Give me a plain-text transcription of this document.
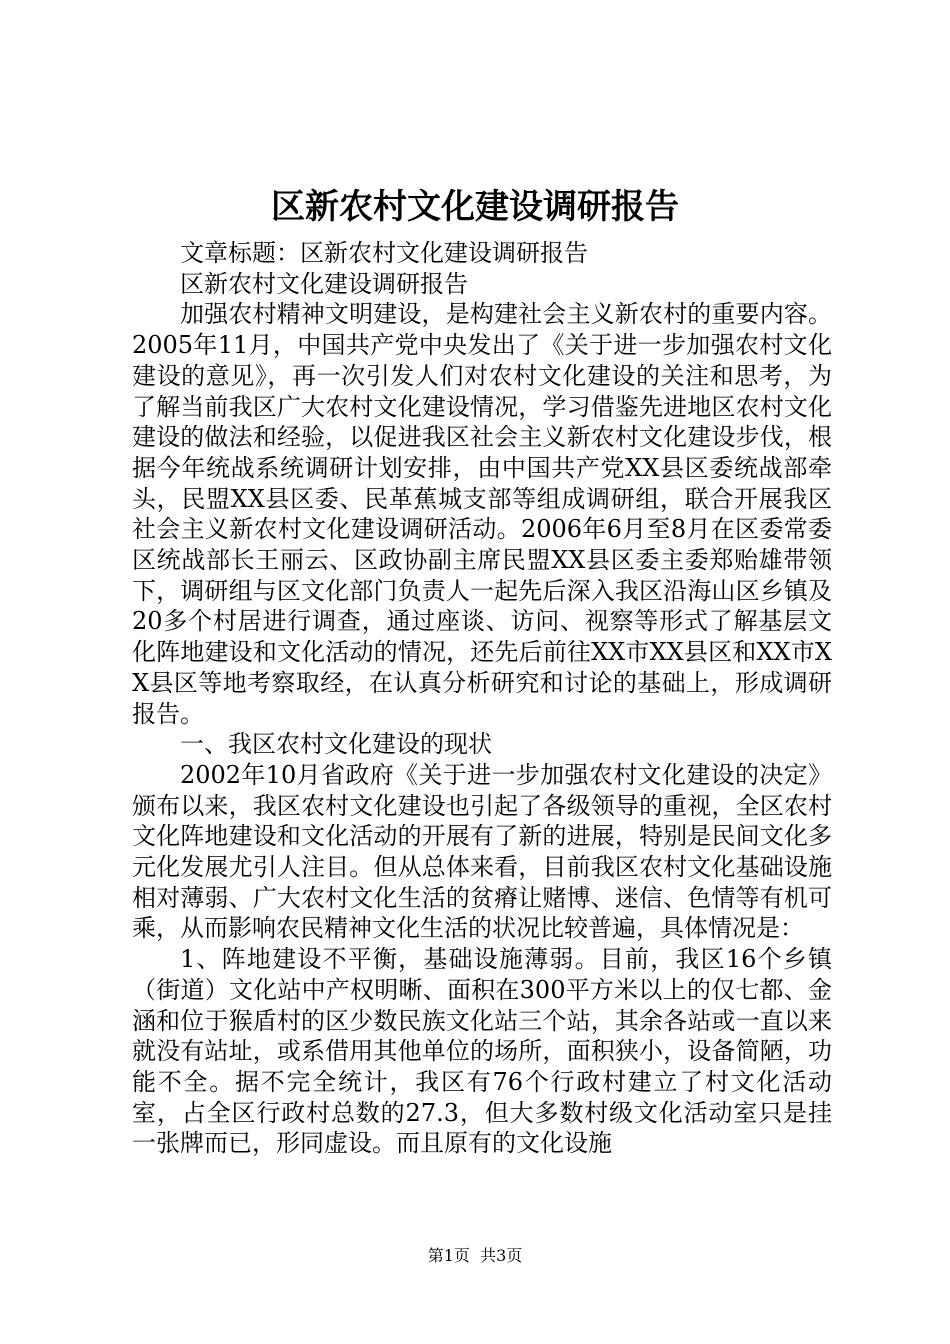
区新农村文化建设调研报告

文章标题：区新农村文化建设调研报告

区新农村文化建设调研报告

加强农村精神文明建设，是构建社会主义新农村的重要内容。2005年11月，中国共产党中央发出了《关于进一步加强农村文化建设的意见》，再一次引发人们对农村文化建设的关注和思考，为了解当前我区广大农村文化建设情况，学习借鉴先进地区农村文化建设的做法和经验，以促进我区社会主义新农村文化建设步伐，根据今年统战系统调研计划安排，由中国共产党XX县区委统战部牵头，民盟XX县区委、民革蕉城支部等组成调研组，联合开展我区社会主义新农村文化建设调研活动。2006年6月至8月在区委常委区统战部长王丽云、区政协副主席民盟XX县区委主委郑贻雄带领下，调研组与区文化部门负责人一起先后深入我区沿海山区乡镇及20多个村居进行调查，通过座谈、访问、视察等形式了解基层文化阵地建设和文化活动的情况，还先后前往XX市XX县区和XX市XX县区等地考察取经，在认真分析研究和讨论的基础上，形成调研报告。

一、我区农村文化建设的现状

2002年10月省政府《关于进一步加强农村文化建设的决定》颁布以来，我区农村文化建设也引起了各级领导的重视，全区农村文化阵地建设和文化活动的开展有了新的进展，特别是民间文化多元化发展尤引人注目。但从总体来看，目前我区农村文化基础设施相对薄弱、广大农村文化生活的贫瘠让赌博、迷信、色情等有机可乘，从而影响农民精神文化生活的状况比较普遍，具体情况是：

1、阵地建设不平衡，基础设施薄弱。目前，我区16个乡镇（街道）文化站中产权明晰、面积在300平方米以上的仅七都、金涵和位于猴盾村的区少数民族文化站三个站，其余各站或一直以来就没有站址，或系借用其他单位的场所，面积狭小，设备简陋，功能不全。据不完全统计，我区有76个行政村建立了村文化活动室，占全区行政村总数的27.3，但大多数村级文化活动室只是挂一张牌而已，形同虚设。而且原有的文化设施

第1页 共3页
